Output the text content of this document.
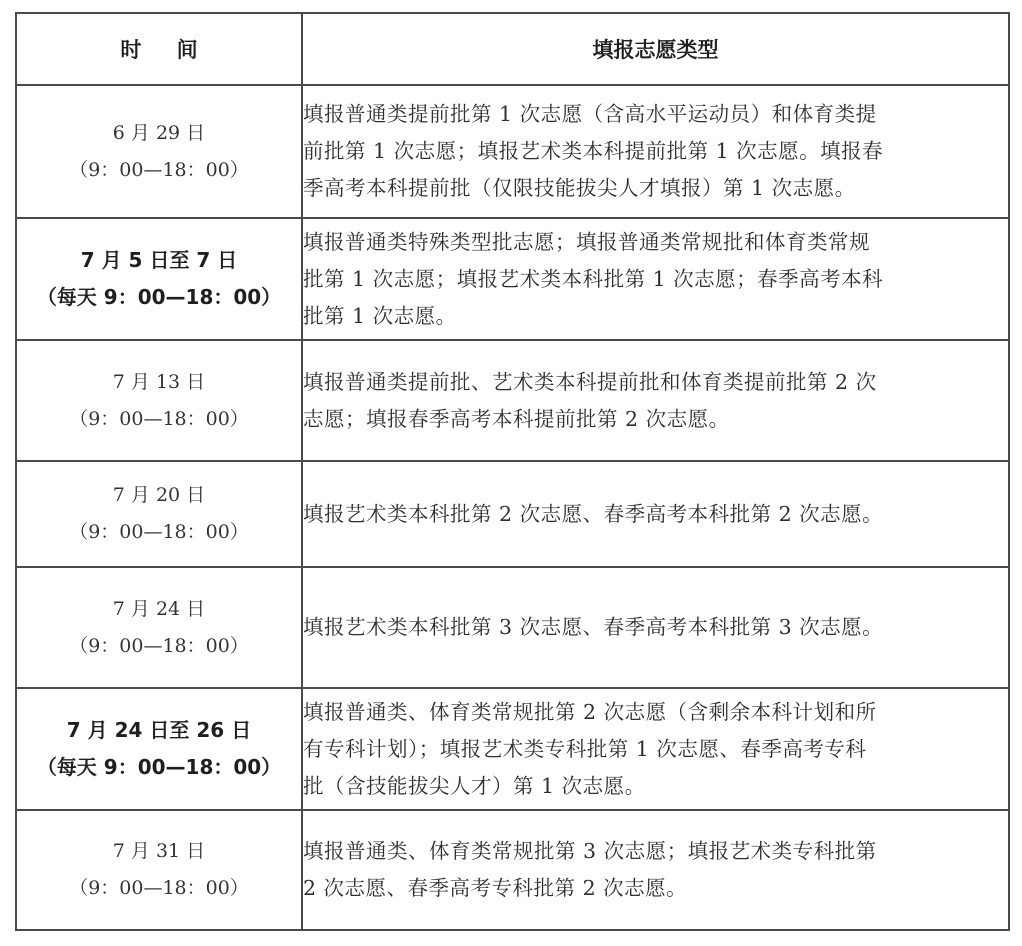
时 间	填报志愿类型

6 月 29 日
（9：00—18：00）	填报普通类提前批第 1 次志愿（含高水平运动员）和体育类提
前批第 1 次志愿；填报艺术类本科提前批第 1 次志愿。填报春
季高考本科提前批（仅限技能拔尖人才填报）第 1 次志愿。

7 月 5 日至 7 日
（每天 9：00—18：00）	填报普通类特殊类型批志愿；填报普通类常规批和体育类常规
批第 1 次志愿；填报艺术类本科批第 1 次志愿；春季高考本科
批第 1 次志愿。

7 月 13 日
（9：00—18：00）	填报普通类提前批、艺术类本科提前批和体育类提前批第 2 次
志愿；填报春季高考本科提前批第 2 次志愿。

7 月 20 日
（9：00—18：00）	填报艺术类本科批第 2 次志愿、春季高考本科批第 2 次志愿。

7 月 24 日
（9：00—18：00）	填报艺术类本科批第 3 次志愿、春季高考本科批第 3 次志愿。

7 月 24 日至 26 日
（每天 9：00—18：00）	填报普通类、体育类常规批第 2 次志愿（含剩余本科计划和所
有专科计划）；填报艺术类专科批第 1 次志愿、春季高考专科
批（含技能拔尖人才）第 1 次志愿。

7 月 31 日
（9：00—18：00）	填报普通类、体育类常规批第 3 次志愿；填报艺术类专科批第
2 次志愿、春季高考专科批第 2 次志愿。
